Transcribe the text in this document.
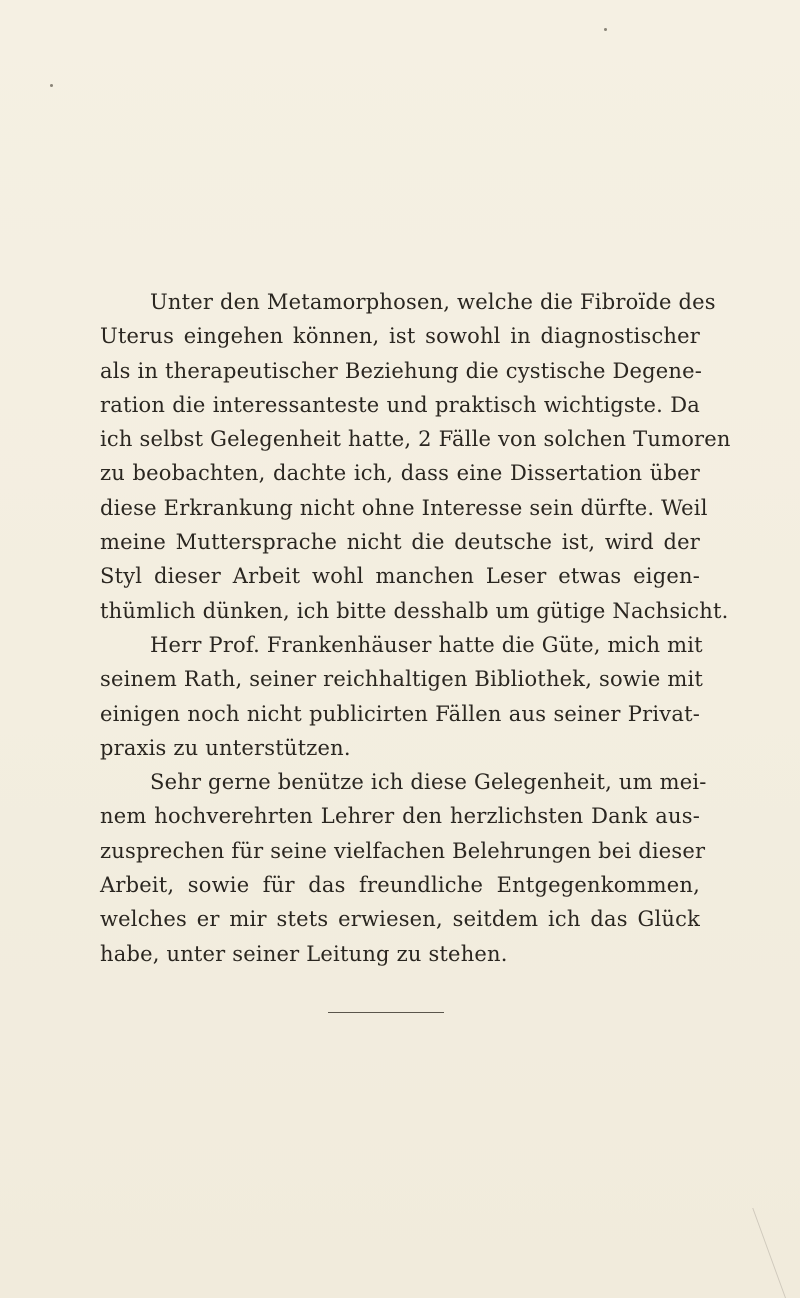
Unter den Metamorphosen, welche die Fibroïde des
Uterus eingehen können, ist sowohl in diagnostischer
als in therapeutischer Beziehung die cystische Degene-
ration die interessanteste und praktisch wichtigste. Da
ich selbst Gelegenheit hatte, 2 Fälle von solchen Tumoren
zu beobachten, dachte ich, dass eine Dissertation über
diese Erkrankung nicht ohne Interesse sein dürfte. Weil
meine Muttersprache nicht die deutsche ist, wird der
Styl dieser Arbeit wohl manchen Leser etwas eigen-
thümlich dünken, ich bitte desshalb um gütige Nachsicht.
Herr Prof. Frankenhäuser hatte die Güte, mich mit
seinem Rath, seiner reichhaltigen Bibliothek, sowie mit
einigen noch nicht publicirten Fällen aus seiner Privat-
praxis zu unterstützen.
Sehr gerne benütze ich diese Gelegenheit, um mei-
nem hochverehrten Lehrer den herzlichsten Dank aus-
zusprechen für seine vielfachen Belehrungen bei dieser
Arbeit, sowie für das freundliche Entgegenkommen,
welches er mir stets erwiesen, seitdem ich das Glück
habe, unter seiner Leitung zu stehen.
